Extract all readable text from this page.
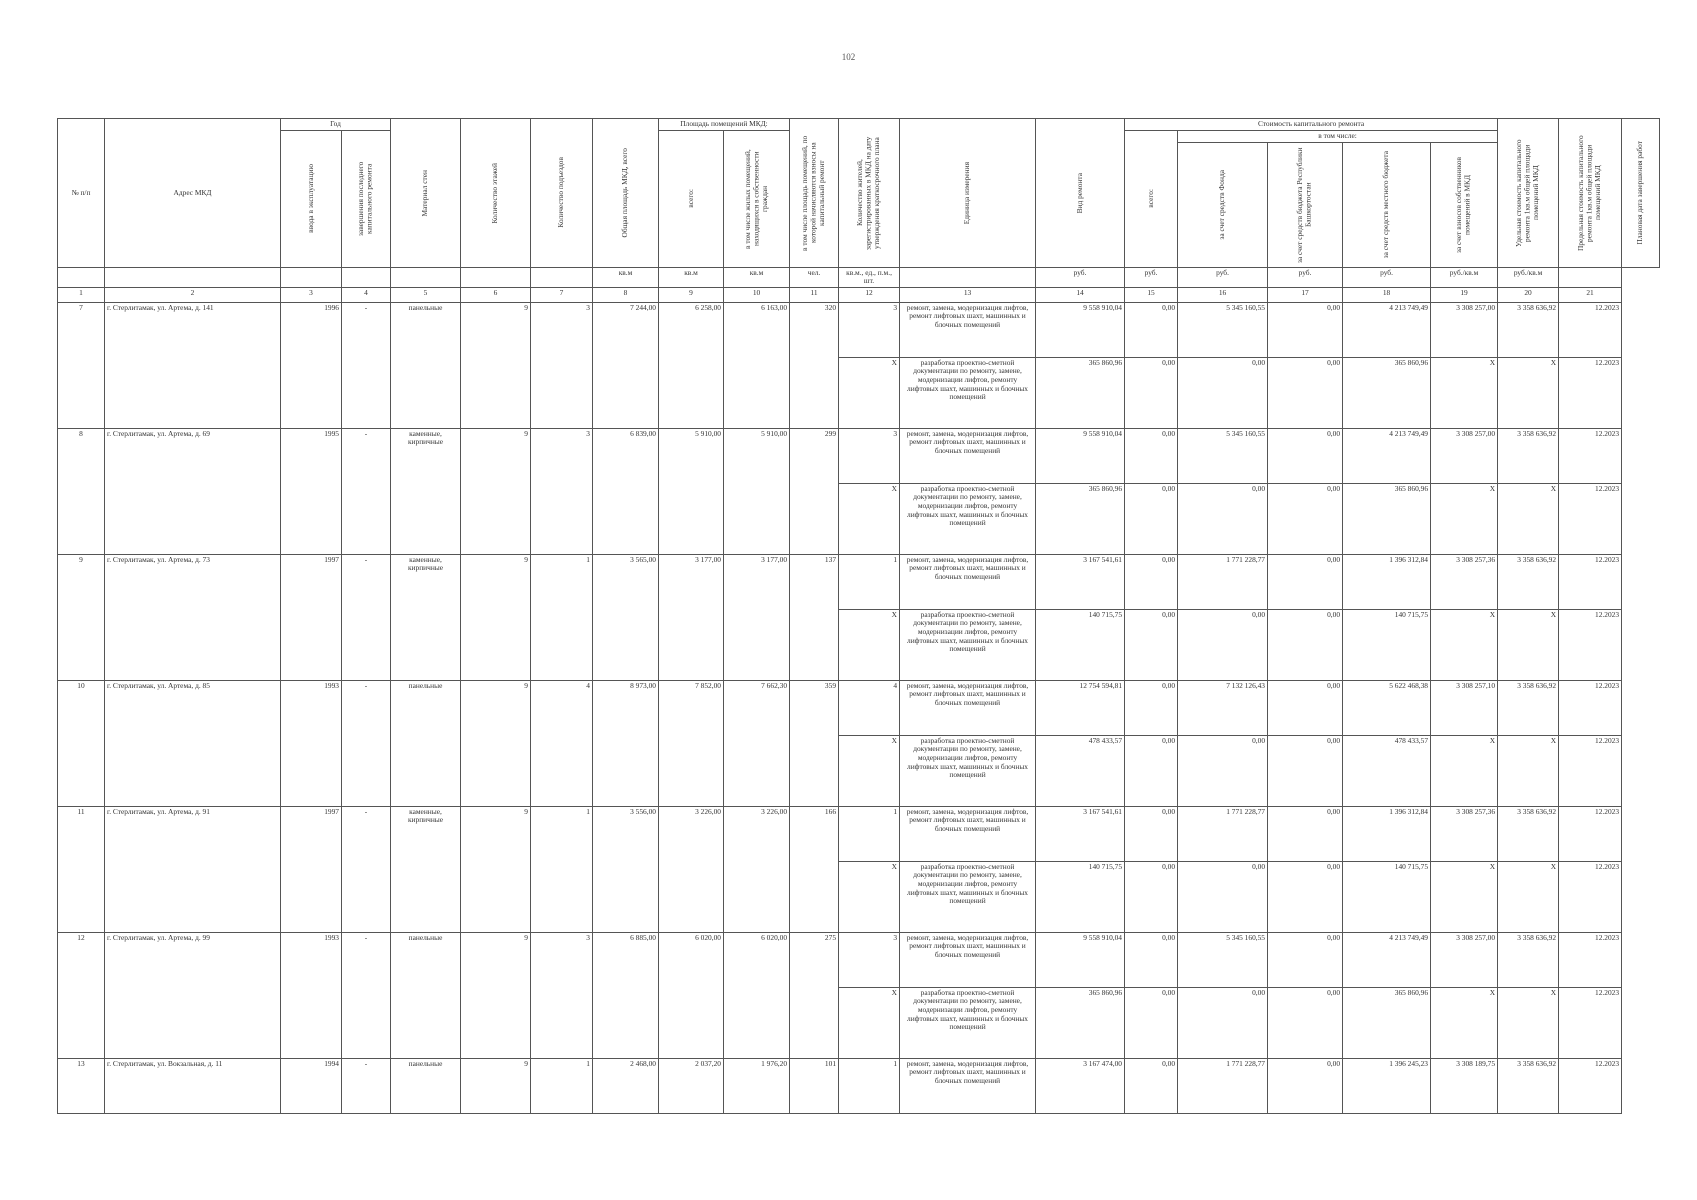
102
№ п/п	Адрес МКД	Год		Материал стен	Количество этажей	Количество подъездов	Общая площадь МКД, всего	Площадь помещений МКД:		в том числе площадь помещений, по которой начисляются взносы на капитальный ремонт	Количество жителей, зарегистрированных в МКД на дату утверждения краткосрочного плана	Единица измерения	Вид ремонта	Стоимость капитального ремонта					Удельная стоимость капитального ремонта 1кв.м общей площади помещений МКД	Предельная стоимость капитального ремонта 1кв.м общей площади помещений МКД	Плановая дата завершения работ

		ввода в эксплуатацию	завершения последнего капитального ремонта					всего:	в том числе жилых помещений, находящихся в собственности граждан					всего:	в том числе:						

															за счет средств Фонда	за счет средств бюджета Республики Башкортостан	за счет средств местного бюджета	за счет взносов собственников помещений в МКД			

							кв.м	кв.м	кв.м	чел.	кв.м., ед., п.м., шт.		руб.	руб.	руб.	руб.	руб.	руб./кв.м	руб./кв.м		
1	2	3	4	5	6	7	8	9	10	11	12	13	14	15	16	17	18	19	20	21	
7	г. Стерлитамак, ул. Артема, д. 141	1996	-	панельные	9	3	7 244,00	6 258,00	6 163,00	320	3	ремонт, замена, модернизация лифтов, ремонт лифтовых шахт, машинных и блочных помещений	9 558 910,04	0,00	5 345 160,55	0,00	4 213 749,49	3 308 257,00	3 358 636,92	12.2023	
											X	разработка проектно-сметной документации по ремонту, замене, модернизации лифтов, ремонту лифтовых шахт, машинных и блочных помещений	365 860,96	0,00	0,00	0,00	365 860,96	X	X	12.2023	
8	г. Стерлитамак, ул. Артема, д. 69	1995	-	каменные, кирпичные	9	3	6 839,00	5 910,00	5 910,00	299	3	ремонт, замена, модернизация лифтов, ремонт лифтовых шахт, машинных и блочных помещений	9 558 910,04	0,00	5 345 160,55	0,00	4 213 749,49	3 308 257,00	3 358 636,92	12.2023	
											X	разработка проектно-сметной документации по ремонту, замене, модернизации лифтов, ремонту лифтовых шахт, машинных и блочных помещений	365 860,96	0,00	0,00	0,00	365 860,96	X	X	12.2023	
9	г. Стерлитамак, ул. Артема, д. 73	1997	-	каменные, кирпичные	9	1	3 565,00	3 177,00	3 177,00	137	1	ремонт, замена, модернизация лифтов, ремонт лифтовых шахт, машинных и блочных помещений	3 167 541,61	0,00	1 771 228,77	0,00	1 396 312,84	3 308 257,36	3 358 636,92	12.2023	
											X	разработка проектно-сметной документации по ремонту, замене, модернизации лифтов, ремонту лифтовых шахт, машинных и блочных помещений	140 715,75	0,00	0,00	0,00	140 715,75	X	X	12.2023	
10	г. Стерлитамак, ул. Артема, д. 85	1993	-	панельные	9	4	8 973,00	7 852,00	7 662,30	359	4	ремонт, замена, модернизация лифтов, ремонт лифтовых шахт, машинных и блочных помещений	12 754 594,81	0,00	7 132 126,43	0,00	5 622 468,38	3 308 257,10	3 358 636,92	12.2023	
											X	разработка проектно-сметной документации по ремонту, замене, модернизации лифтов, ремонту лифтовых шахт, машинных и блочных помещений	478 433,57	0,00	0,00	0,00	478 433,57	X	X	12.2023	
11	г. Стерлитамак, ул. Артема, д. 91	1997	-	каменные, кирпичные	9	1	3 556,00	3 226,00	3 226,00	166	1	ремонт, замена, модернизация лифтов, ремонт лифтовых шахт, машинных и блочных помещений	3 167 541,61	0,00	1 771 228,77	0,00	1 396 312,84	3 308 257,36	3 358 636,92	12.2023	
											X	разработка проектно-сметной документации по ремонту, замене, модернизации лифтов, ремонту лифтовых шахт, машинных и блочных помещений	140 715,75	0,00	0,00	0,00	140 715,75	X	X	12.2023	
12	г. Стерлитамак, ул. Артема, д. 99	1993	-	панельные	9	3	6 885,00	6 020,00	6 020,00	275	3	ремонт, замена, модернизация лифтов, ремонт лифтовых шахт, машинных и блочных помещений	9 558 910,04	0,00	5 345 160,55	0,00	4 213 749,49	3 308 257,00	3 358 636,92	12.2023	
											X	разработка проектно-сметной документации по ремонту, замене, модернизации лифтов, ремонту лифтовых шахт, машинных и блочных помещений	365 860,96	0,00	0,00	0,00	365 860,96	X	X	12.2023	
13	г. Стерлитамак, ул. Вокзальная, д. 11	1994	-	панельные	9	1	2 468,00	2 037,20	1 976,20	101	1	ремонт, замена, модернизация лифтов, ремонт лифтовых шахт, машинных и блочных помещений	3 167 474,00	0,00	1 771 228,77	0,00	1 396 245,23	3 308 189,75	3 358 636,92	12.2023	
